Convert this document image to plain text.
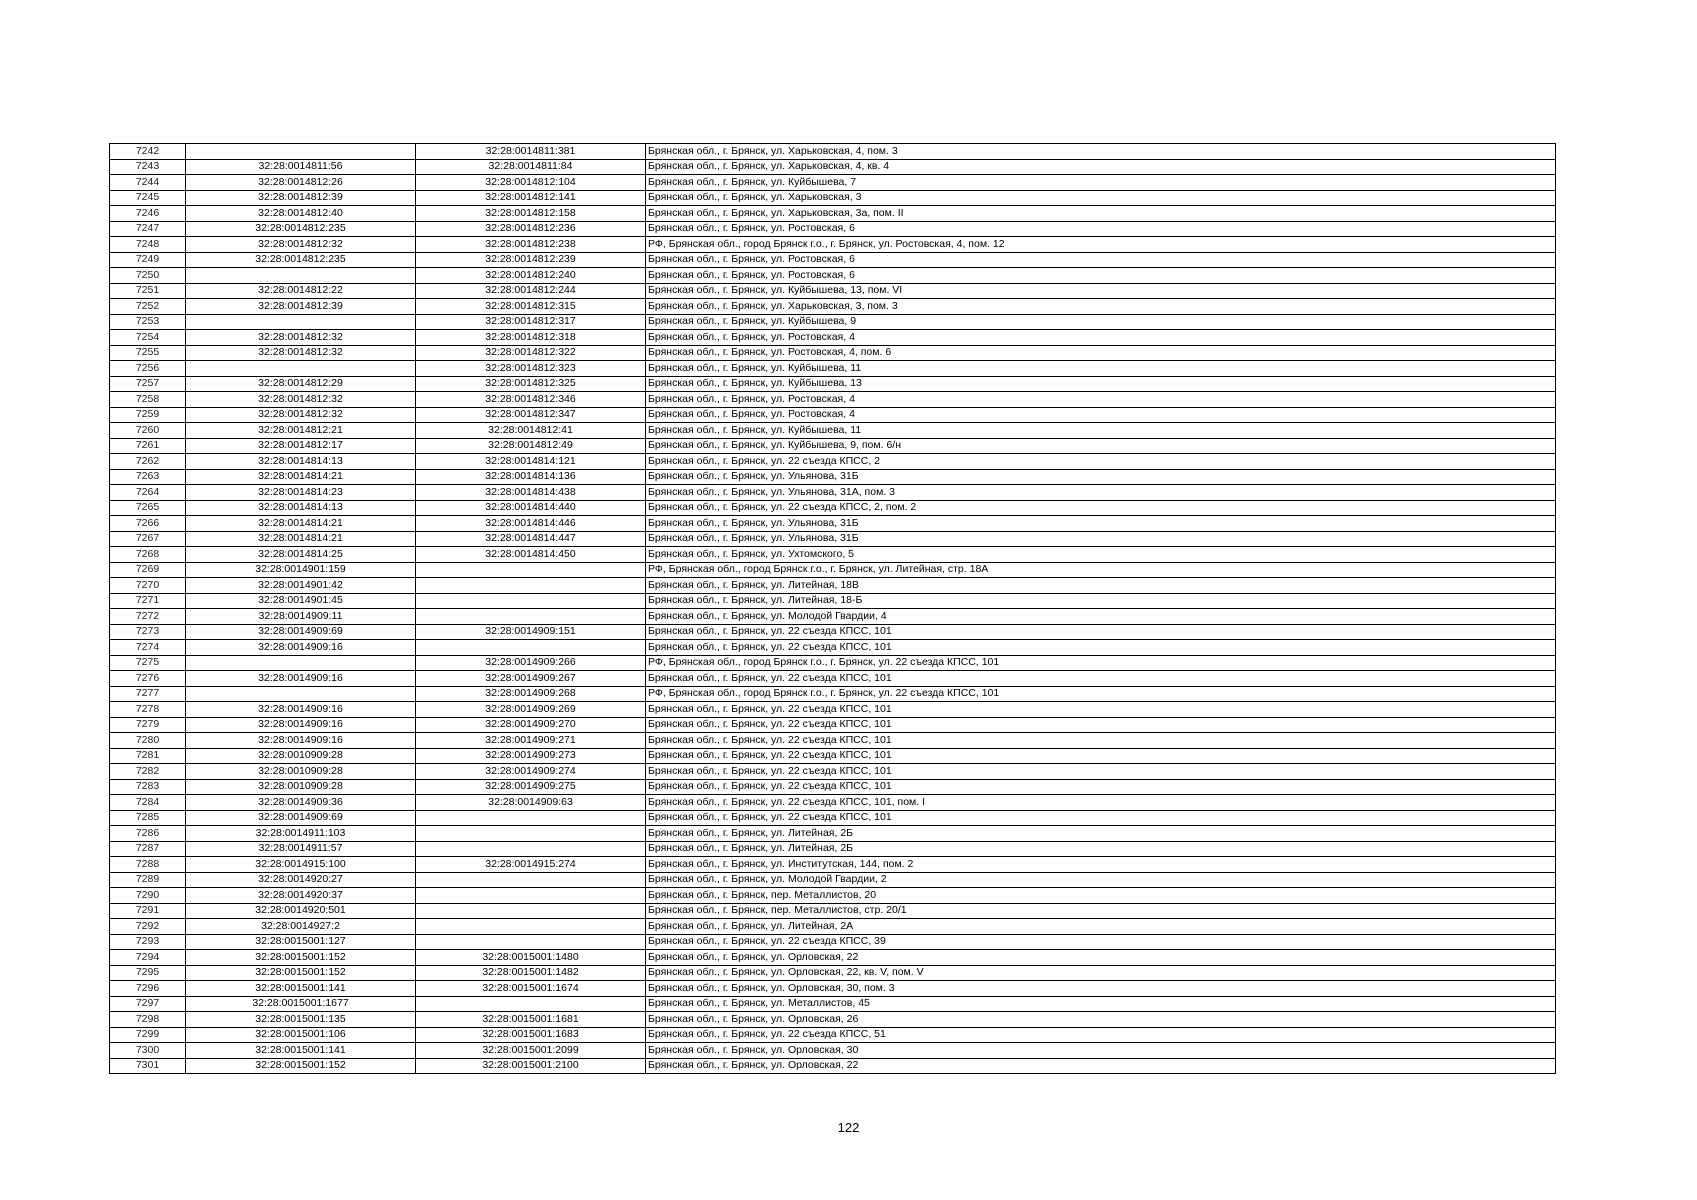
7242		32:28:0014811:381	Брянская обл., г. Брянск, ул. Харьковская, 4, пом. 3
7243	32:28:0014811:56	32:28:0014811:84	Брянская обл., г. Брянск, ул. Харьковская, 4, кв. 4
7244	32:28:0014812:26	32:28:0014812:104	Брянская обл., г. Брянск, ул. Куйбышева, 7
7245	32:28:0014812:39	32:28:0014812:141	Брянская обл., г. Брянск, ул. Харьковская, 3
7246	32:28:0014812:40	32:28:0014812:158	Брянская обл., г. Брянск, ул. Харьковская, 3а, пом. II
7247	32:28:0014812:235	32:28:0014812:236	Брянская обл., г. Брянск, ул. Ростовская, 6
7248	32:28:0014812:32	32:28:0014812:238	РФ, Брянская обл., город Брянск г.о., г. Брянск, ул. Ростовская, 4, пом. 12
7249	32:28:0014812:235	32:28:0014812:239	Брянская обл., г. Брянск, ул. Ростовская, 6
7250		32:28:0014812:240	Брянская обл., г. Брянск, ул. Ростовская, 6
7251	32:28:0014812:22	32:28:0014812:244	Брянская обл., г. Брянск, ул. Куйбышева, 13, пом. VI
7252	32:28:0014812:39	32:28:0014812:315	Брянская обл., г. Брянск, ул. Харьковская, 3, пом. 3
7253		32:28:0014812:317	Брянская обл., г. Брянск, ул. Куйбышева, 9
7254	32:28:0014812:32	32:28:0014812:318	Брянская обл., г. Брянск, ул. Ростовская, 4
7255	32:28:0014812:32	32:28:0014812:322	Брянская обл., г. Брянск, ул. Ростовская, 4, пом. 6
7256		32:28:0014812:323	Брянская обл., г. Брянск, ул. Куйбышева, 11
7257	32:28:0014812:29	32:28:0014812:325	Брянская обл., г. Брянск, ул. Куйбышева, 13
7258	32:28:0014812:32	32:28:0014812:346	Брянская обл., г. Брянск, ул. Ростовская, 4
7259	32:28:0014812:32	32:28:0014812:347	Брянская обл., г. Брянск, ул. Ростовская, 4
7260	32:28:0014812:21	32:28:0014812:41	Брянская обл., г. Брянск, ул. Куйбышева, 11
7261	32:28:0014812:17	32:28:0014812:49	Брянская обл., г. Брянск, ул. Куйбышева, 9, пом. 6/н
7262	32:28:0014814:13	32:28:0014814:121	Брянская обл., г. Брянск, ул. 22 съезда КПСС, 2
7263	32:28:0014814:21	32:28:0014814:136	Брянская обл., г. Брянск, ул. Ульянова, 31Б
7264	32:28:0014814:23	32:28:0014814:438	Брянская обл., г. Брянск, ул. Ульянова, 31А, пом. 3
7265	32:28:0014814:13	32:28:0014814:440	Брянская обл., г. Брянск, ул. 22 съезда КПСС, 2, пом. 2
7266	32:28:0014814:21	32:28:0014814:446	Брянская обл., г. Брянск, ул. Ульянова, 31Б
7267	32:28:0014814:21	32:28:0014814:447	Брянская обл., г. Брянск, ул. Ульянова, 31Б
7268	32:28:0014814:25	32:28:0014814:450	Брянская обл., г. Брянск, ул. Ухтомского, 5
7269	32:28:0014901:159		РФ, Брянская обл., город Брянск г.о., г. Брянск, ул. Литейная, стр. 18А
7270	32:28:0014901:42		Брянская обл., г. Брянск, ул. Литейная, 18В
7271	32:28:0014901:45		Брянская обл., г. Брянск, ул. Литейная, 18-Б
7272	32:28:0014909:11		Брянская обл., г. Брянск, ул. Молодой Гвардии, 4
7273	32:28:0014909:69	32:28:0014909:151	Брянская обл., г. Брянск, ул. 22 съезда КПСС, 101
7274	32:28:0014909:16		Брянская обл., г. Брянск, ул. 22 съезда КПСС, 101
7275		32:28:0014909:266	РФ, Брянская обл., город Брянск г.о., г. Брянск, ул. 22 съезда КПСС, 101
7276	32:28:0014909:16	32:28:0014909:267	Брянская обл., г. Брянск, ул. 22 съезда КПСС, 101
7277		32:28:0014909:268	РФ, Брянская обл., город Брянск г.о., г. Брянск, ул. 22 съезда КПСС, 101
7278	32:28:0014909:16	32:28:0014909:269	Брянская обл., г. Брянск, ул. 22 съезда КПСС, 101
7279	32:28:0014909:16	32:28:0014909:270	Брянская обл., г. Брянск, ул. 22 съезда КПСС, 101
7280	32:28:0014909:16	32:28:0014909:271	Брянская обл., г. Брянск, ул. 22 съезда КПСС, 101
7281	32:28:0010909:28	32:28:0014909:273	Брянская обл., г. Брянск, ул. 22 съезда КПСС, 101
7282	32:28:0010909:28	32:28:0014909:274	Брянская обл., г. Брянск, ул. 22 съезда КПСС, 101
7283	32:28:0010909:28	32:28:0014909:275	Брянская обл., г. Брянск, ул. 22 съезда КПСС, 101
7284	32:28:0014909:36	32:28:0014909:63	Брянская обл., г. Брянск, ул. 22 съезда КПСС, 101, пом. I
7285	32:28:0014909:69		Брянская обл., г. Брянск, ул. 22 съезда КПСС, 101
7286	32:28:0014911:103		Брянская обл., г. Брянск, ул. Литейная, 2Б
7287	32:28:0014911:57		Брянская обл., г. Брянск, ул. Литейная, 2Б
7288	32:28:0014915:100	32:28:0014915:274	Брянская обл., г. Брянск, ул. Институтская, 144, пом. 2
7289	32:28:0014920:27		Брянская обл., г. Брянск, ул. Молодой Гвардии, 2
7290	32:28:0014920:37		Брянская обл., г. Брянск, пер. Металлистов, 20
7291	32:28:0014920:501		Брянская обл., г. Брянск, пер. Металлистов, стр. 20/1
7292	32:28:0014927:2		Брянская обл., г. Брянск, ул. Литейная, 2А
7293	32:28:0015001:127		Брянская обл., г. Брянск, ул. 22 съезда КПСС, 39
7294	32:28:0015001:152	32:28:0015001:1480	Брянская обл., г. Брянск, ул. Орловская, 22
7295	32:28:0015001:152	32:28:0015001:1482	Брянская обл., г. Брянск, ул. Орловская, 22, кв. V, пом. V
7296	32:28:0015001:141	32:28:0015001:1674	Брянская обл., г. Брянск, ул. Орловская, 30, пом. 3
7297	32:28:0015001:1677		Брянская обл., г. Брянск, ул. Металлистов, 45
7298	32:28:0015001:135	32:28:0015001:1681	Брянская обл., г. Брянск, ул. Орловская, 26
7299	32:28:0015001:106	32:28:0015001:1683	Брянская обл., г. Брянск, ул. 22 съезда КПСС, 51
7300	32:28:0015001:141	32:28:0015001:2099	Брянская обл., г. Брянск, ул. Орловская, 30
7301	32:28:0015001:152	32:28:0015001:2100	Брянская обл., г. Брянск, ул. Орловская, 22
122
